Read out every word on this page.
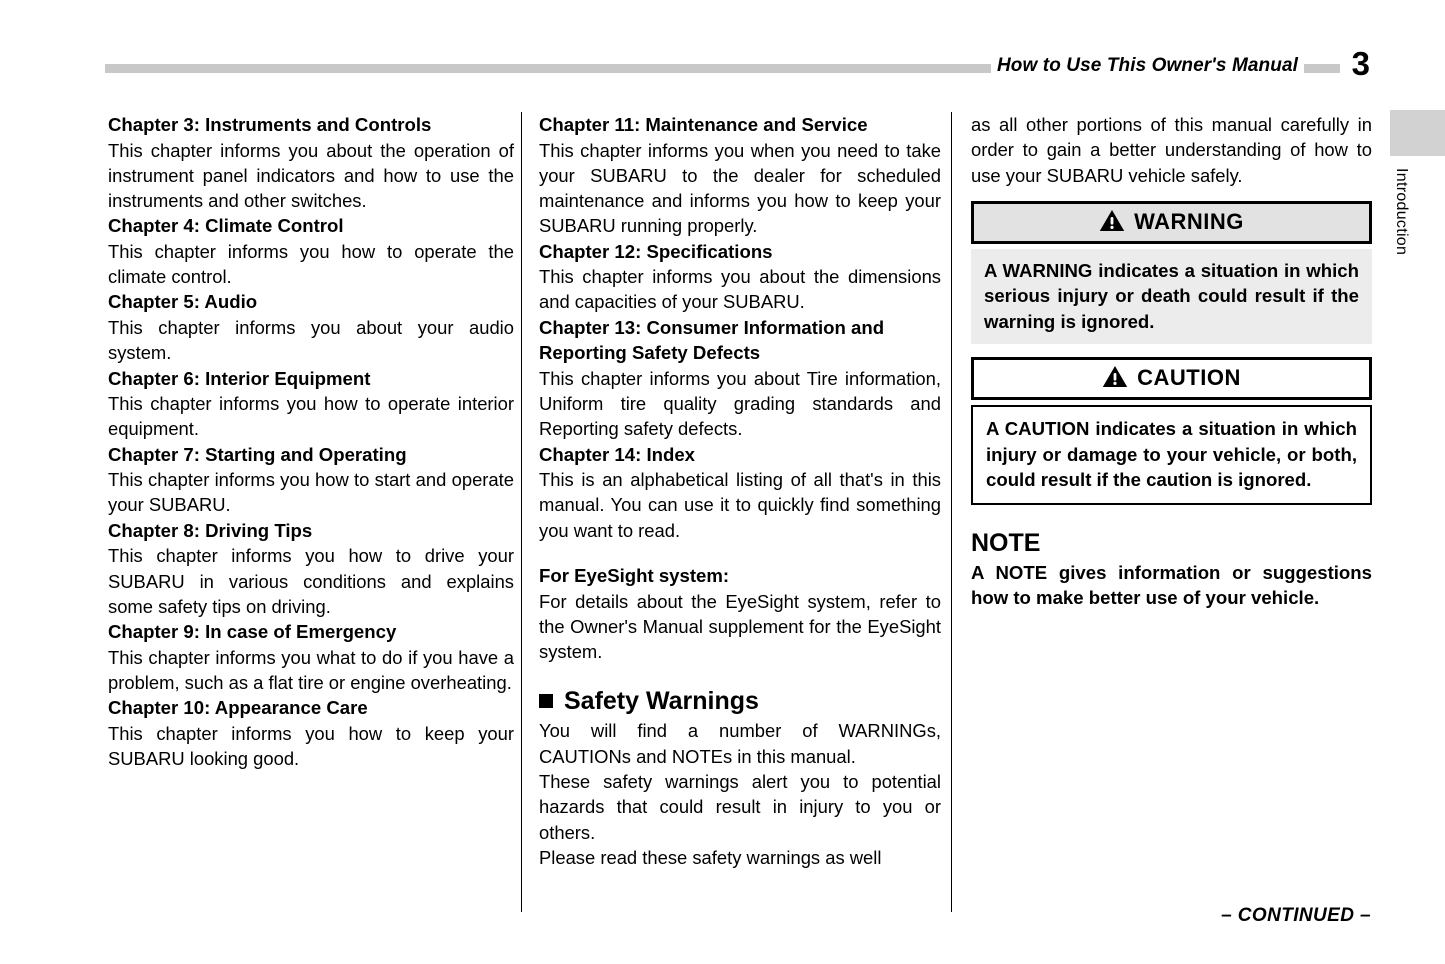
How to Use This Owner's Manual 3
Chapter 3: Instruments and Controls

This chapter informs you about the operation of instrument panel indicators and how to use the instruments and other switches.

Chapter 4: Climate Control

This chapter informs you how to operate the climate control.

Chapter 5: Audio

This chapter informs you about your audio system.

Chapter 6: Interior Equipment

This chapter informs you how to operate interior equipment.

Chapter 7: Starting and Operating

This chapter informs you how to start and operate your SUBARU.

Chapter 8: Driving Tips

This chapter informs you how to drive your SUBARU in various conditions and explains some safety tips on driving.

Chapter 9: In case of Emergency

This chapter informs you what to do if you have a problem, such as a flat tire or engine overheating.

Chapter 10: Appearance Care

This chapter informs you how to keep your SUBARU looking good.

Chapter 11: Maintenance and Service

This chapter informs you when you need to take your SUBARU to the dealer for scheduled maintenance and informs you how to keep your SUBARU running properly.

Chapter 12: Specifications

This chapter informs you about the dimensions and capacities of your SUBARU.

Chapter 13: Consumer Information and Reporting Safety Defects

This chapter informs you about Tire information, Uniform tire quality grading standards and Reporting safety defects.

Chapter 14: Index

This is an alphabetical listing of all that's in this manual. You can use it to quickly find something you want to read.

For EyeSight system:

For details about the EyeSight system, refer to the Owner's Manual supplement for the EyeSight system.

Safety Warnings

You will find a number of WARNINGs, CAUTIONs and NOTEs in this manual.

These safety warnings alert you to potential hazards that could result in injury to you or others.

Please read these safety warnings as well

as all other portions of this manual carefully in order to gain a better understanding of how to use your SUBARU vehicle safely.

WARNING
A WARNING indicates a situation in which serious injury or death could result if the warning is ignored.
CAUTION
A CAUTION indicates a situation in which injury or damage to your vehicle, or both, could result if the caution is ignored.
NOTE

A NOTE gives information or suggestions how to make better use of your vehicle.

Introduction
– CONTINUED –
